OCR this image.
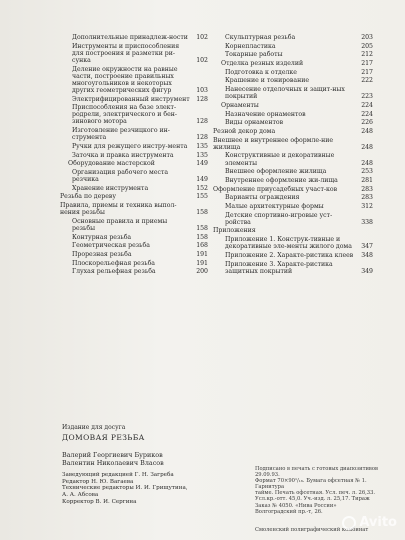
Дополнительные принадлеж-ности	102
Инструменты и приспособления для построения и разметки ри-сунка	102
Деление окружности на равные части, построение правильных многоугольников и некоторых других геометрических фигур	103
Электрифицированный инструмент	128
Приспособления на базе элект-родрели, электрического и бен-зинового мотора	128
Изготовление резчицкого ин-струмента	128
Ручки для режущего инстру-мента	135
Заточка и правка инструмента	135
Оборудование мастерской	149
Организация рабочего места резчика	149
Хранение инструмента	152
Резьба по дереву	155
Правила, приемы и техника выпол-нения резьбы	158
Основные правила и приемы резьбы	158
Контурная резьба	158
Геометрическая резьба	168
Прорезная резьба	191
Плоскорельефная резьба	191
Глухая рельефная резьба	200
Скульптурная резьба	203
Корнепластика	205
Токарные работы	212
Отделка резных изделий	217
Подготовка к отделке	217
Крашение и тонирование	222
Нанесение отделочных и защит-ных покрытий	223
Орнаменты	224
Назначение орнаментов	224
Виды орнаментов	226
Резной декор дома	248
Внешнее и внутреннее оформле-ние жилища	248
Конструктивные и декоративные элементы	248
Внешнее оформление жилища	253
Внутреннее оформление жи-лища	281
Оформление приусадебных участ-ков	283
Варианты ограждения	283
Малые архитектурные формы	312
Детские спортивно-игровые уст-ройства	338
Приложения
Приложение 1. Конструк-тивные и декоративные эле-менты жилого дома	347
Приложение 2. Характе-ристика клеев	348
Приложение 3. Характе-ристика защитных покрытий	349
Издание для досуга
ДОМОВАЯ РЕЗЬБА
Валерий Георгиевич Буриков
Валентин Николаевич Власов
Заведующий редакцией Г. Н. Загреба
Редактор Н. Ю. Вагаева
Технические редакторы И. И. Грищутина,
А. А. Абсова
Корректор В. И. Сергина
Подписано в печать с готовых диапозитивов 29.09.93.
Формат 70×90¹/₁₆. Бумага офсетная № 1. Гарнитура
тайме. Печать офсетная. Усл. печ. л. 26,33.
Усл.кр.-отт. 45,0. Уч.-изд. л. 25,17. Тираж
Заказ № 4050. «Нива России»
Волгоградский пр.-т, 26.
Смоленский полиграфический комбинат
Avito
